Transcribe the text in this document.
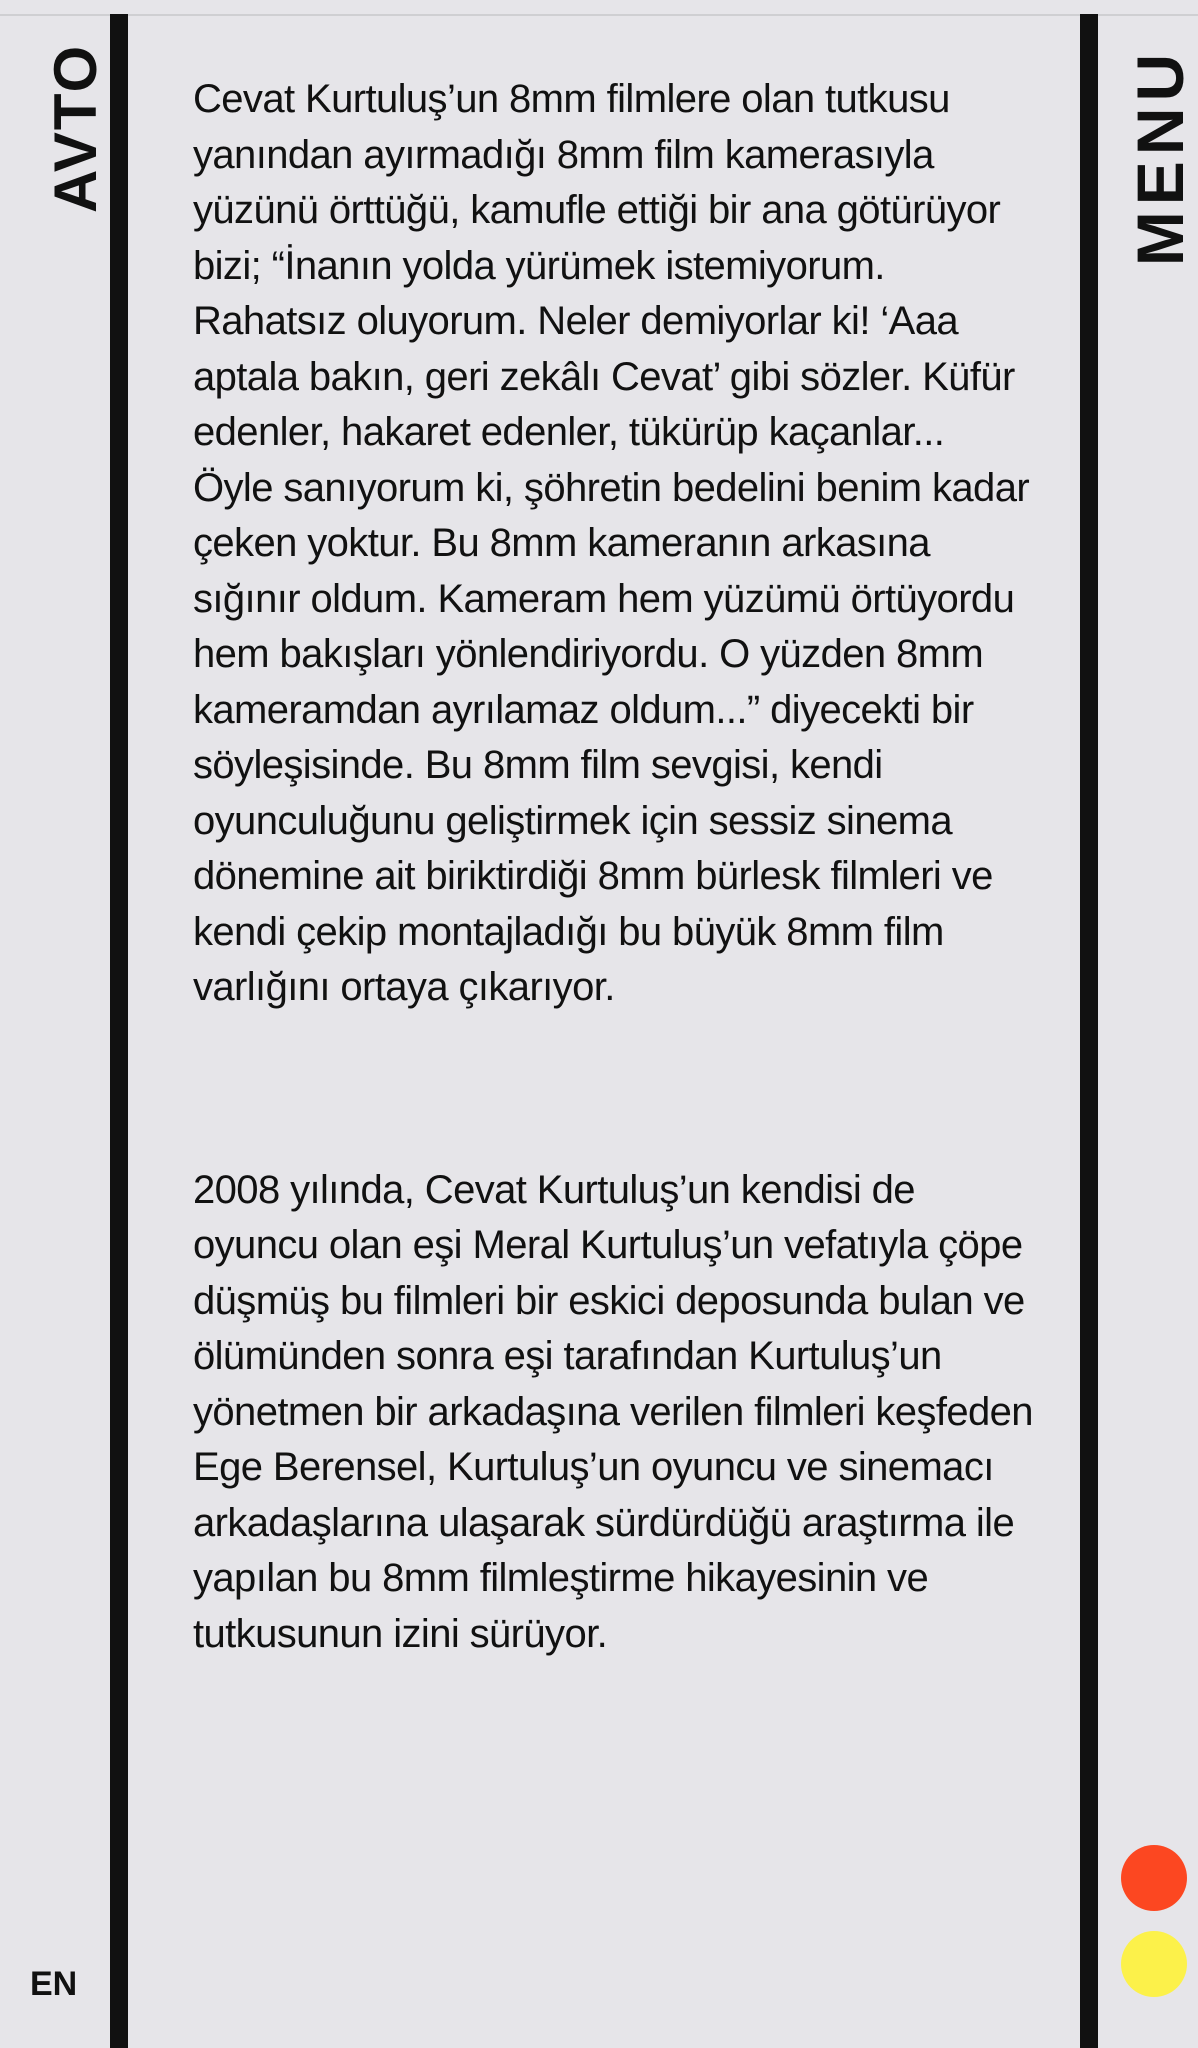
AVTO	MENU
EN

Cevat Kurtuluş’un 8mm filmlere olan tutkusu yanından ayırmadığı 8mm film kamerasıyla yüzünü örttüğü, kamufle ettiği bir ana götürüyor bizi; “İnanın yolda yürümek istemiyorum. Rahatsız oluyorum. Neler demiyorlar ki! ‘Aaa aptala bakın, geri zekâlı Cevat’ gibi sözler. Küfür edenler, hakaret edenler, tükürüp kaçanlar... Öyle sanıyorum ki, şöhretin bedelini benim kadar çeken yoktur. Bu 8mm kameranın arkasına sığınır oldum. Kameram hem yüzümü örtüyordu hem bakışları yönlendiriyordu. O yüzden 8mm kameramdan ayrılamaz oldum...” diyecekti bir söyleşisinde. Bu 8mm film sevgisi, kendi oyunculuğunu geliştirmek için sessiz sinema dönemine ait biriktirdiği 8mm bürlesk filmleri ve kendi çekip montajladığı bu büyük 8mm film varlığını ortaya çıkarıyor.

2008 yılında, Cevat Kurtuluş’un kendisi de oyuncu olan eşi Meral Kurtuluş’un vefatıyla çöpe düşmüş bu filmleri bir eskici deposunda bulan ve ölümünden sonra eşi tarafından Kurtuluş’un yönetmen bir arkadaşına verilen filmleri keşfeden Ege Berensel, Kurtuluş’un oyuncu ve sinemacı arkadaşlarına ulaşarak sürdürdüğü araştırma ile yapılan bu 8mm filmleştirme hikayesinin ve tutkusunun izini sürüyor.
